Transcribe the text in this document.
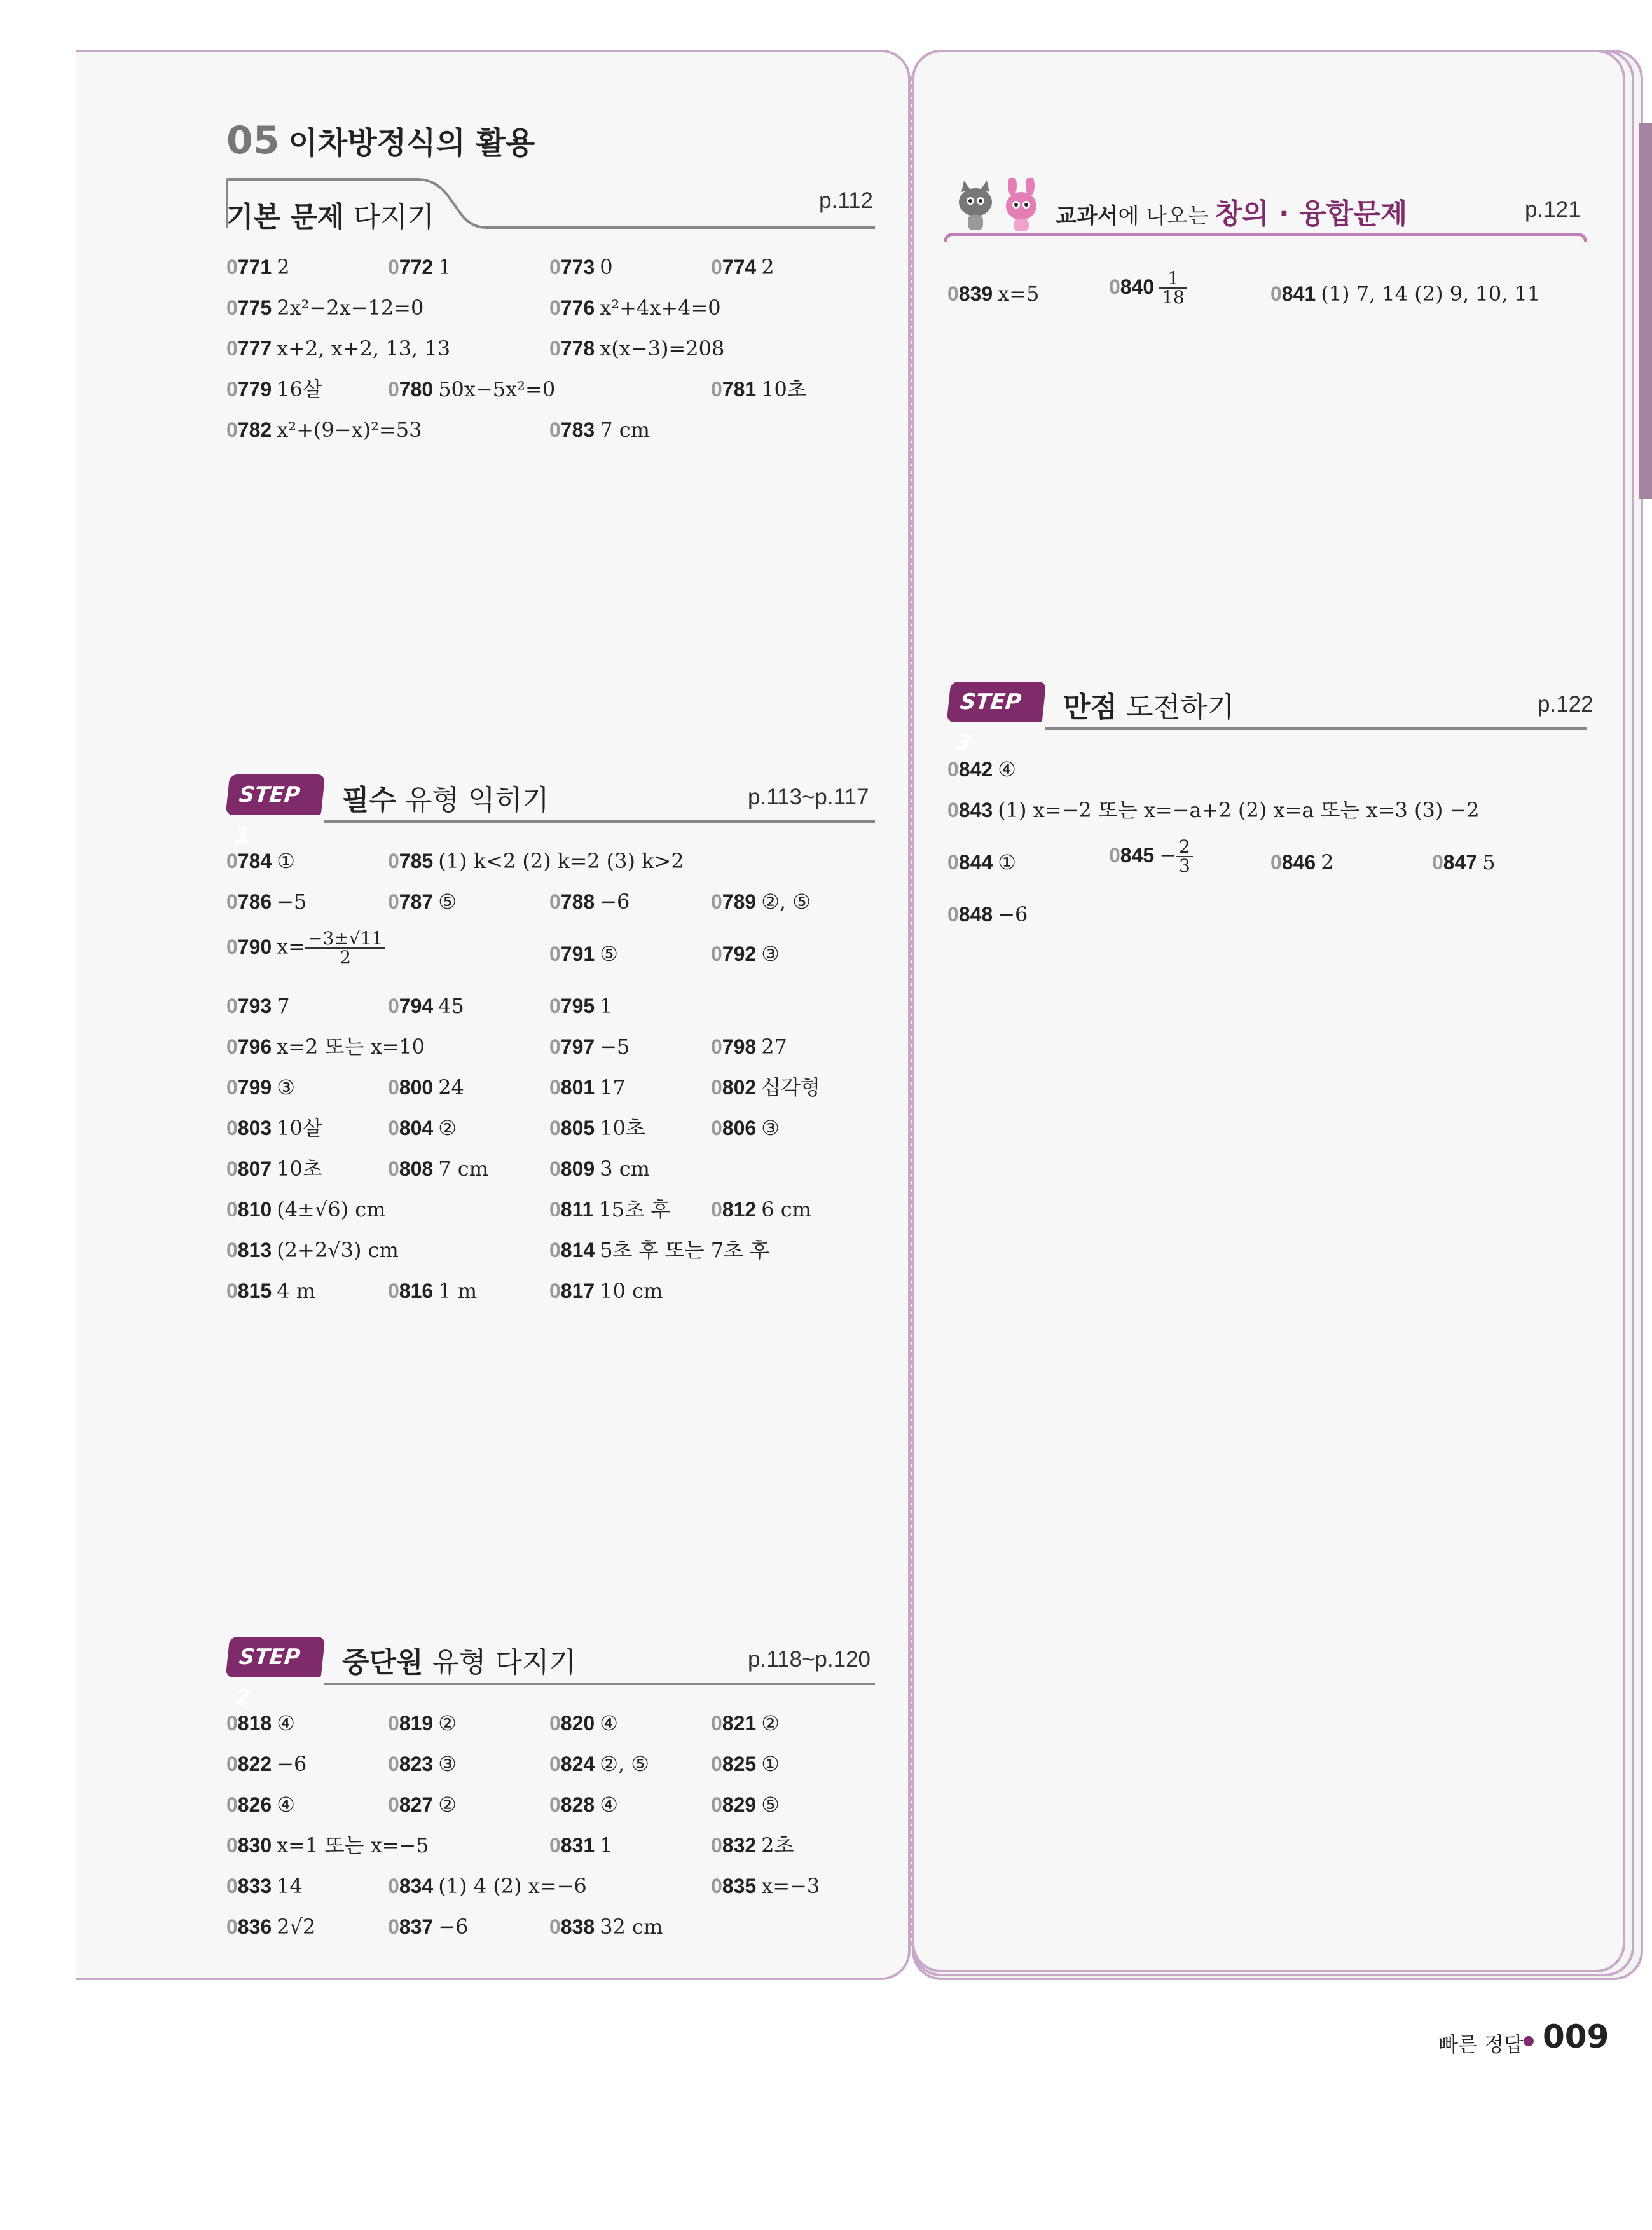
05 이차방정식의 활용
기본 문제 다지기
p.112
0771 2	0772 1	0773 0	0774 2
0775 2x²−2x−12=0	0776 x²+4x+4=0
0777 x+2, x+2, 13, 13	0778 x(x−3)=208
0779 16살	0780 50x−5x²=0	0781 10초
0782 x²+(9−x)²=53	0783 7 cm
STEP 1
필수 유형 익히기	p.113~p.117
0784 ①	0785 (1) k<2 (2) k=2 (3) k>2
0786 −5	0787 ⑤	0788 −6	0789 ②, ⑤
0790 $x= \frac{-3\pm√11}{2}$	0791 ⑤	0792 ③
0793 7	0794 45	0795 1
0796 x=2 또는 x=10	0797 −5	0798 27
0799 ③	0800 24	0801 17	0802 십각형
0803 10살	0804 ②	0805 10초	0806 ③
0807 10초	0808 7 cm	0809 3 cm
0810 (4±√6) cm	0811 15초 후 0812 6 cm
0813 (2+2√3) cm	0814 5초 후 또는 7초 후
0815 4 m	0816 1 m	0817 10 cm
STEP 2
중단원 유형 다지기	p.118~p.120
0818 ④	0819 ②	0820 ④	0821 ②
0822 −6	0823 ③	0824 ②, ⑤	0825 ①
0826 ④	0827 ②	0828 ④	0829 ⑤
0830 x=1 또는 x=−5	0831 1	0832 2초
0833 14	0834 (1) 4 (2) x=−6	0835 x=−3
0836 2√2	0837 −6	0838 32 cm
교과서에 나오는 창의 · 융합문제	p.121
0839 x=5	$0840 \frac{1}{18}$	0841 (1) 7, 14 (2) 9, 10, 11
STEP 3
만점 도전하기	p.122
0842 ④
0843 (1) x=−2 또는 x=−a+2 (2) x=a 또는 x=3 (3) −2
0844 ①	$0845 - \frac{2}{3}$	0846 2	0847 5
0848 −6
빠른 정답 009
